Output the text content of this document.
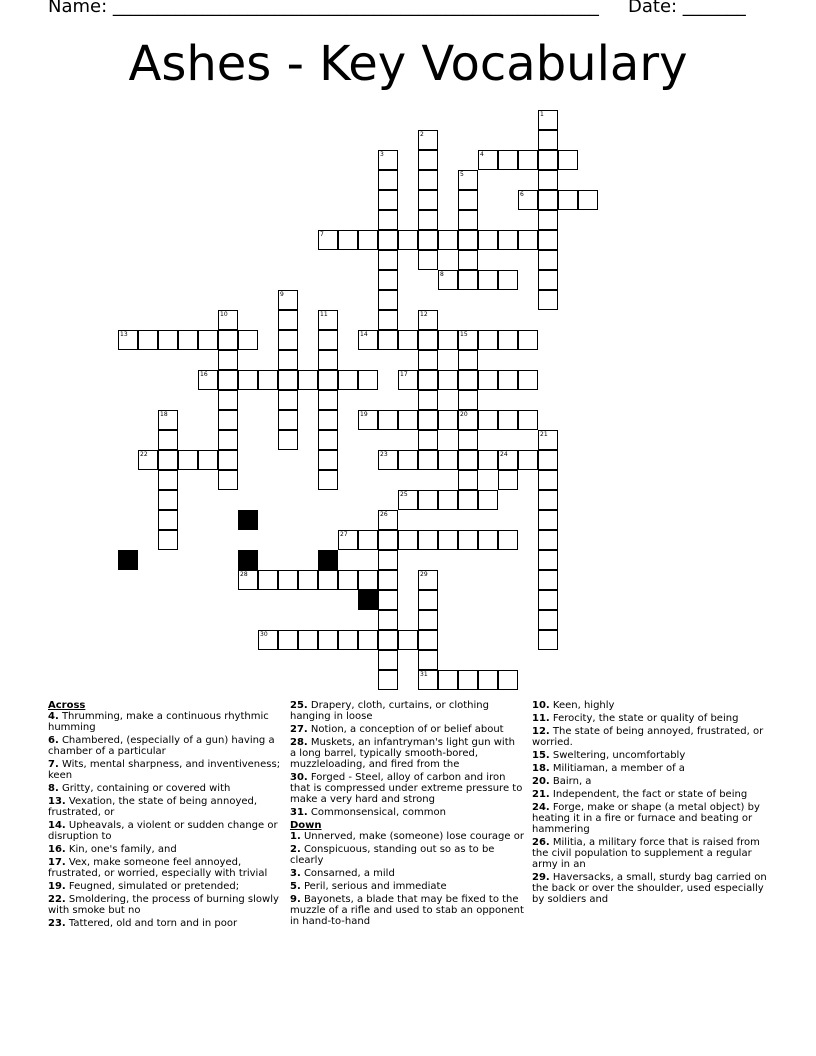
Name: ______________________________________________________ Date: _______
Ashes - Key Vocabulary
1
2
3	4
5
6
7
8
9
10	11	12
13	14	15
16	17
18	19	20
21
22	23	24
25
26
27
28	29
30
31

Across

4. Thrumming, make a continuous rhythmic humming

6. Chambered, (especially of a gun) having a chamber of a particular

7. Wits, mental sharpness, and inventiveness; keen

8. Gritty, containing or covered with

13. Vexation, the state of being annoyed, frustrated, or

14. Upheavals, a violent or sudden change or disruption to

16. Kin, one's family, and

17. Vex, make someone feel annoyed, frustrated, or worried, especially with trivial

19. Feugned, simulated or pretended;

22. Smoldering, the process of burning slowly with smoke but no

23. Tattered, old and torn and in poor

25. Drapery, cloth, curtains, or clothing hanging in loose

27. Notion, a conception of or belief about

28. Muskets, an infantryman's light gun with a long barrel, typically smooth-bored, muzzleloading, and fired from the

30. Forged - Steel, alloy of carbon and iron that is compressed under extreme pressure to make a very hard and strong

31. Commonsensical, common

Down

1. Unnerved, make (someone) lose courage or

2. Conspicuous, standing out so as to be clearly

3. Consarned, a mild

5. Peril, serious and immediate

9. Bayonets, a blade that may be fixed to the muzzle of a rifle and used to stab an opponent in hand-to-hand

10. Keen, highly

11. Ferocity, the state or quality of being

12. The state of being annoyed, frustrated, or worried.

15. Sweltering, uncomfortably

18. Militiaman, a member of a

20. Bairn, a

21. Independent, the fact or state of being

24. Forge, make or shape (a metal object) by heating it in a fire or furnace and beating or hammering

26. Militia, a military force that is raised from the civil population to supplement a regular army in an

29. Haversacks, a small, sturdy bag carried on the back or over the shoulder, used especially by soldiers and
